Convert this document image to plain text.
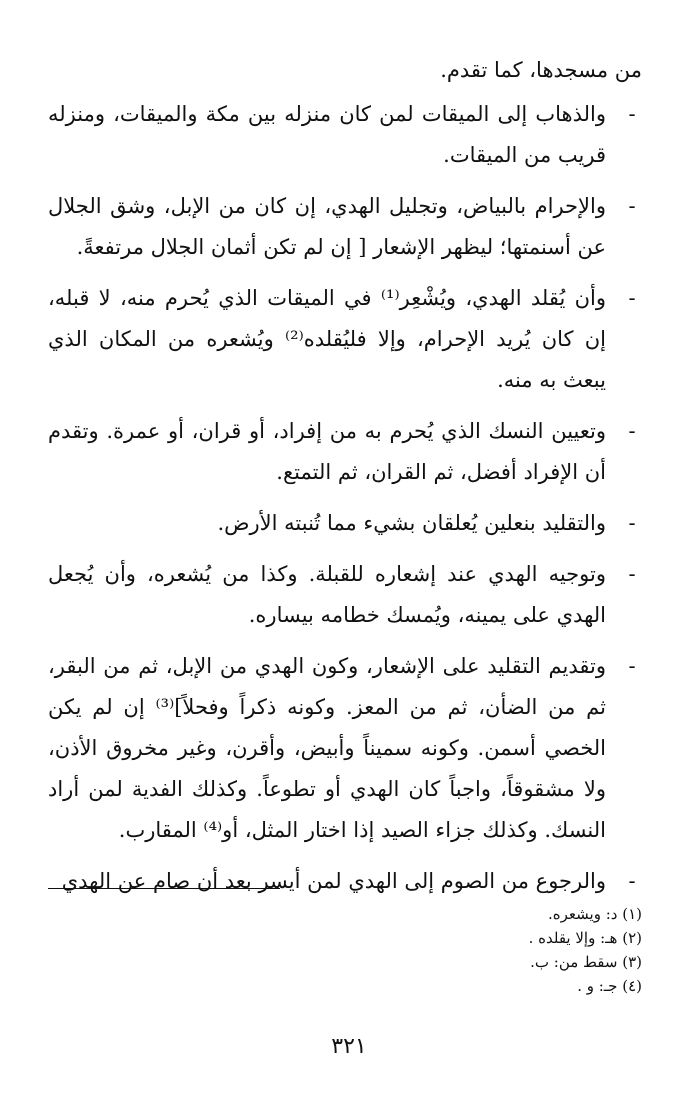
من مسجدها، كما تقدم.

-
والذهاب إلى الميقات لمن كان منزله بين مكة والميقات، ومنزله قريب من الميقات.
-
والإحرام بالبياض، وتجليل الهدي، إن كان من الإبل، وشق الجلال عن أسنمتها؛ ليظهر الإشعار [ إن لم تكن أثمان الجلال مرتفعةً.
-
وأن يُقلد الهدي، ويُشْعِر⁽¹⁾ في الميقات الذي يُحرم منه، لا قبله، إن كان يُريد الإحرام، وإلا فليُقلده⁽²⁾ ويُشعره من المكان الذي يبعث به منه.
-
وتعيين النسك الذي يُحرم به من إفراد، أو قران، أو عمرة. وتقدم أن الإفراد أفضل، ثم القران، ثم التمتع.
-
والتقليد بنعلين يُعلقان بشيء مما تُنبته الأرض.
-
وتوجيه الهدي عند إشعاره للقبلة. وكذا من يُشعره، وأن يُجعل الهدي على يمينه، ويُمسك خطامه بيساره.
-
وتقديم التقليد على الإشعار، وكون الهدي من الإبل، ثم من البقر، ثم من الضأن، ثم من المعز. وكونه ذكراً وفحلاً]⁽³⁾ إن لم يكن الخصي أسمن. وكونه سميناً وأبيض، وأقرن، وغير مخروق الأذن، ولا مشقوقاً، واجباً كان الهدي أو تطوعاً. وكذلك الفدية لمن أراد النسك. وكذلك جزاء الصيد إذا اختار المثل، أو⁽⁴⁾ المقارب.
-
والرجوع من الصوم إلى الهدي لمن أيسر بعد أن صام عن الهدي
(١) د: ويشعره.
(٢) هـ: وإلا يقلده .
(٣) سقط من: ب.
(٤) جـ: و .
٣٢١
